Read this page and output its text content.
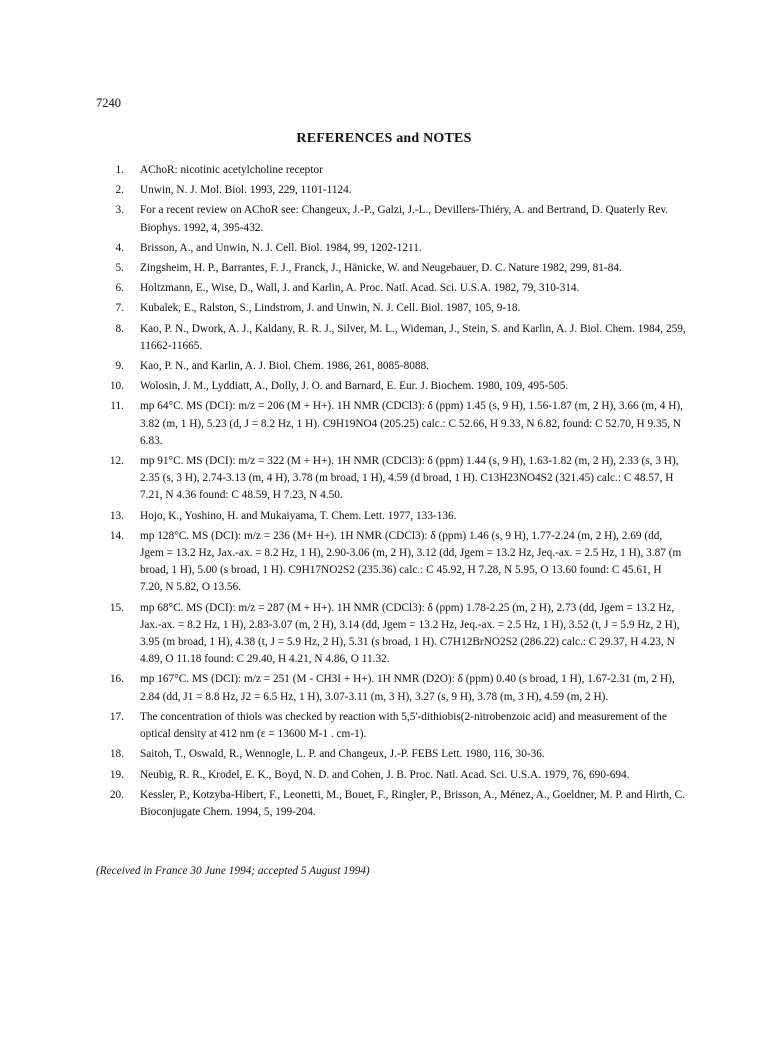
7240
REFERENCES and NOTES
1. AChoR: nicotinic acetylcholine receptor
2. Unwin, N. J. Mol. Biol. 1993, 229, 1101-1124.
3. For a recent review on AChoR see: Changeux, J.-P., Galzi, J.-L., Devillers-Thiéry, A. and Bertrand, D. Quaterly Rev. Biophys. 1992, 4, 395-432.
4. Brisson, A., and Unwin, N. J. Cell. Biol. 1984, 99, 1202-1211.
5. Zingsheim, H. P., Barrantes, F. J., Franck, J., Hänicke, W. and Neugebauer, D. C. Nature 1982, 299, 81-84.
6. Holtzmann, E., Wise, D., Wall, J. and Karlin, A. Proc. Natl. Acad. Sci. U.S.A. 1982, 79, 310-314.
7. Kubalek, E., Ralston, S., Lindstrom, J. and Unwin, N. J. Cell. Biol. 1987, 105, 9-18.
8. Kao, P. N., Dwork, A. J., Kaldany, R. R. J., Silver, M. L., Wideman, J., Stein, S. and Karlin, A. J. Biol. Chem. 1984, 259, 11662-11665.
9. Kao, P. N., and Karlin, A. J. Biol. Chem. 1986, 261, 8085-8088.
10. Wolosin, J. M., Lyddiatt, A., Dolly, J. O. and Barnard, E. Eur. J. Biochem. 1980, 109, 495-505.
11. mp 64°C. MS (DCI): m/z = 206 (M + H+). 1H NMR (CDCl3): δ (ppm) 1.45 (s, 9 H), 1.56-1.87 (m, 2 H), 3.66 (m, 4 H), 3.82 (m, 1 H), 5.23 (d, J = 8.2 Hz, 1 H). C9H19NO4 (205.25) calc.: C 52.66, H 9.33, N 6.82, found: C 52.70, H 9.35, N 6.83.
12. mp 91°C. MS (DCI): m/z = 322 (M + H+). 1H NMR (CDCl3): δ (ppm) 1.44 (s, 9 H), 1.63-1.82 (m, 2 H), 2.33 (s, 3 H), 2.35 (s, 3 H), 2.74-3.13 (m, 4 H), 3.78 (m broad, 1 H), 4.59 (d broad, 1 H). C13H23NO4S2 (321.45) calc.: C 48.57, H 7.21, N 4.36 found: C 48.59, H 7.23, N 4.50.
13. Hojo, K., Yoshino, H. and Mukaiyama, T. Chem. Lett. 1977, 133-136.
14. mp 128°C. MS (DCI): m/z = 236 (M+ H+). 1H NMR (CDCl3): δ (ppm) 1.46 (s, 9 H), 1.77-2.24 (m, 2 H), 2.69 (dd, Jgem = 13.2 Hz, Jax.-ax. = 8.2 Hz, 1 H), 2.90-3.06 (m, 2 H), 3.12 (dd, Jgem = 13.2 Hz, Jeq.-ax. = 2.5 Hz, 1 H), 3.87 (m broad, 1 H), 5.00 (s broad, 1 H). C9H17NO2S2 (235.36) calc.: C 45.92, H 7.28, N 5.95, O 13.60 found: C 45.61, H 7.20, N 5.82, O 13.56.
15. mp 68°C. MS (DCI): m/z = 287 (M + H+). 1H NMR (CDCl3): δ (ppm) 1.78-2.25 (m, 2 H), 2.73 (dd, Jgem = 13.2 Hz, Jax.-ax. = 8.2 Hz, 1 H), 2.83-3.07 (m, 2 H), 3.14 (dd, Jgem = 13.2 Hz, Jeq.-ax. = 2.5 Hz, 1 H), 3.52 (t, J = 5.9 Hz, 2 H), 3.95 (m broad, 1 H), 4.38 (t, J = 5.9 Hz, 2 H), 5.31 (s broad, 1 H). C7H12BrNO2S2 (286.22) calc.: C 29.37, H 4.23, N 4.89, O 11.18 found: C 29.40, H 4.21, N 4.86, O 11.32.
16. mp 167°C. MS (DCI): m/z = 251 (M - CH3I + H+). 1H NMR (D2O): δ (ppm) 0.40 (s broad, 1 H), 1.67-2.31 (m, 2 H), 2.84 (dd, J1 = 8.8 Hz, J2 = 6.5 Hz, 1 H), 3.07-3.11 (m, 3 H), 3.27 (s, 9 H), 3.78 (m, 3 H), 4.59 (m, 2 H).
17. The concentration of thiols was checked by reaction with 5,5'-dithiobis(2-nitrobenzoic acid) and measurement of the optical density at 412 nm (ε = 13600 M-1 . cm-1).
18. Saitoh, T., Oswald, R., Wennogle, L. P. and Changeux, J.-P. FEBS Lett. 1980, 116, 30-36.
19. Neubig, R. R., Krodel, E. K., Boyd, N. D. and Cohen, J. B. Proc. Natl. Acad. Sci. U.S.A. 1979, 76, 690-694.
20. Kessler, P., Kotzyba-Hibert, F., Leonetti, M., Bouet, F., Ringler, P., Brisson, A., Ménez, A., Goeldner, M. P. and Hirth, C. Bioconjugate Chem. 1994, 5, 199-204.
(Received in France 30 June 1994; accepted 5 August 1994)
